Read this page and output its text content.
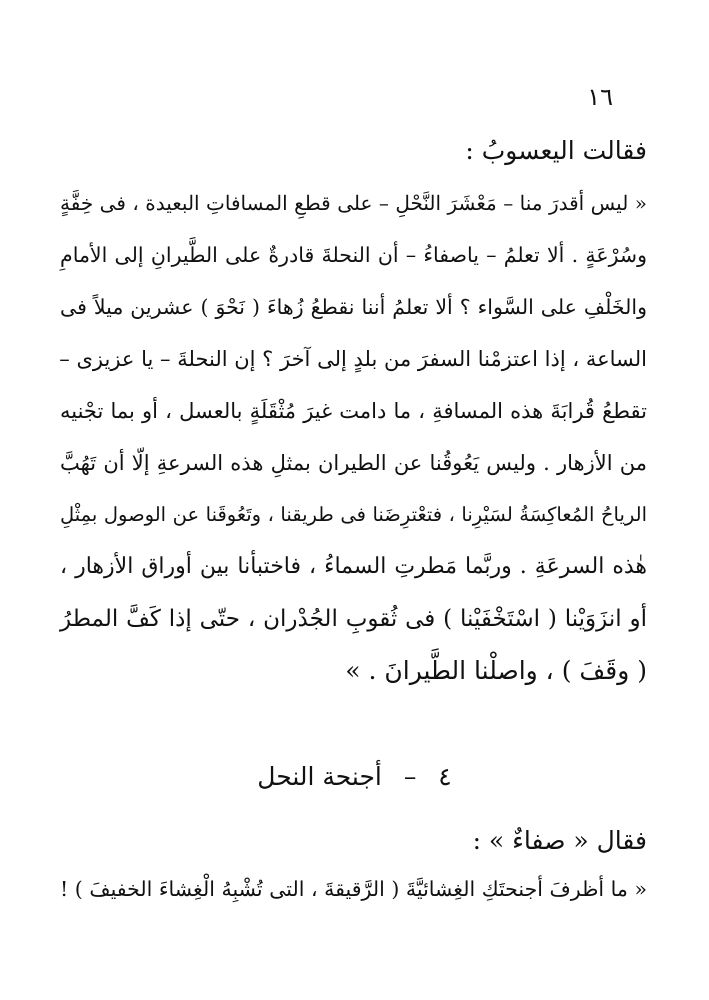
١٦
فقالت اليعسوبُ :
« ليس أقدرَ منا – مَعْشَرَ النَّحْلِ – على قطعِ المسافاتِ البعيدة ، فى خِفَّةٍ
وسُرْعَةٍ . ألا تعلمُ – ياصفاءُ – أن النحلةَ قادرةٌ على الطَّيرانِ إلى الأمامِ
والخَلْفِ على السَّواء ؟ ألا تعلمُ أننا نقطعُ زُهاءَ ( نَحْوَ ) عشرين ميلاً فى
الساعة ، إذا اعتزمْنا السفرَ من بلدٍ إلى آخرَ ؟ إن النحلةَ – يا عزيزى –
تقطعُ قُرابَةَ هذه المسافةِ ، ما دامت غيرَ مُثْقَلَةٍ بالعسل ، أو بما تجْنيه
من الأزهار . وليس يَعُوقُنا عن الطيران بمثلِ هذه السرعةِ إلّا أن تَهُبَّ
الرياحُ المُعاكِسَةُ لسَيْرِنا ، فتعْترِضَنا فى طريقنا ، وتَعُوقَنا عن الوصول بمِثْلِ
هٰذه السرعَةِ . وربَّما مَطرتِ السماءُ ، فاختبأنا بين أوراق الأزهار ،
أو انزَوَيْنا ( اسْتَخْفَيْنا ) فى ثُقوبِ الجُدْران ، حتّى إذا كَفَّ المطرُ
( وقَفَ ) ، واصلْنا الطَّيرانَ . »
٤ – أجنحة النحل
فقال « صفاءٌ » :
« ما أظرفَ أجنحتَكِ الغِشائيَّةَ ( الرَّقيقةَ ، التى تُشْبِهُ الْغِشاءَ الخفيفَ ) !
